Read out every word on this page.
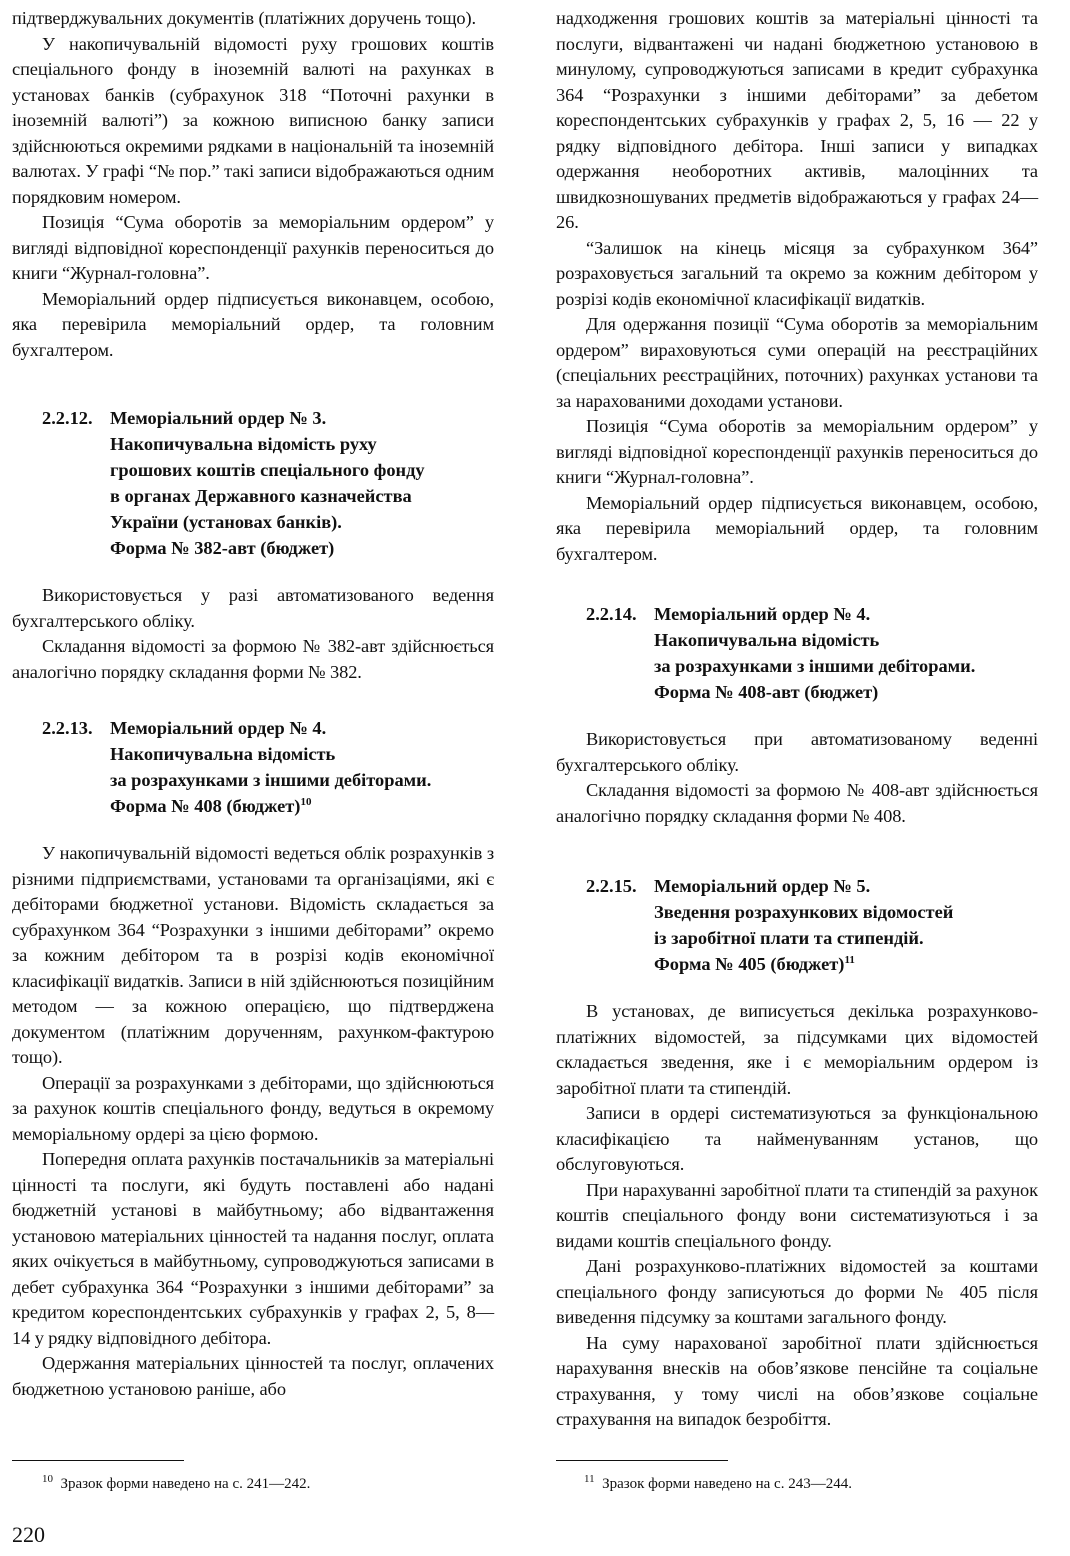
підтверджувальних документів (платіжних доручень тощо).

У накопичувальній відомості руху грошових коштів спеціального фонду в іноземній валюті на рахунках в установах банків (субрахунок 318 “Поточні рахунки в іноземній валюті”) за кожною виписною банку записи здійснюються окремими рядками в національній та іноземній валютах. У графі “№ пор.” такі записи відображаються одним порядковим номером.

Позиція “Сума оборотів за меморіальним ордером” у вигляді відповідної кореспонденції рахунків переноситься до книги “Журнал-головна”.

Меморіальний ордер підписується виконавцем, особою, яка перевірила меморіальний ордер, та головним бухгалтером.

2.2.12. Меморіальний ордер № 3.
Накопичувальна відомість руху
грошових коштів спеціального фонду
в органах Державного казначейства
України (установах банків).
Форма № 382-авт (бюджет)

Використовується у разі автоматизованого ведення бухгалтерського обліку.

Складання відомості за формою № 382-авт здійснюється аналогічно порядку складання форми № 382.

2.2.13. Меморіальний ордер № 4.
Накопичувальна відомість
за розрахунками з іншими дебіторами.
Форма № 408 (бюджет)$^{10}$

У накопичувальній відомості ведеться облік розрахунків з різними підприємствами, установами та організаціями, які є дебіторами бюджетної установи. Відомість складається за субрахунком 364 “Розрахунки з іншими дебіторами” окремо за кожним дебітором та в розрізі кодів економічної класифікації видатків. Записи в ній здійснюються позиційним методом — за кожною операцією, що підтверджена документом (платіжним дорученням, рахунком-фактурою тощо).

Операції за розрахунками з дебіторами, що здійснюються за рахунок коштів спеціального фонду, ведуться в окремому меморіальному ордері за цією формою.

Попередня оплата рахунків постачальників за матеріальні цінності та послуги, які будуть поставлені або надані бюджетній установі в майбутньому; або відвантаження установою матеріальних цінностей та надання послуг, оплата яких очікується в майбутньому, супроводжуються записами в дебет субрахунка 364 “Розрахунки з іншими дебіторами” за кредитом кореспондентських субрахунків у графах 2, 5, 8—14 у рядку відповідного дебітора.

Одержання матеріальних цінностей та послуг, оплачених бюджетною установою раніше, або

надходження грошових коштів за матеріальні цінності та послуги, відвантажені чи надані бюджетною установою в минулому, супроводжуються записами в кредит субрахунка 364 “Розрахунки з іншими дебіторами” за дебетом кореспондентських субрахунків у графах 2, 5, 16 — 22 у рядку відповідного дебітора. Інші записи у випадках одержання необоротних активів, малоцінних та швидкозношуваних предметів відображаються у графах 24—26.

“Залишок на кінець місяця за субрахунком 364” розраховується загальний та окремо за кожним дебітором у розрізі кодів економічної класифікації видатків.

Для одержання позиції “Сума оборотів за меморіальним ордером” вираховуються суми операцій на реєстраційних (спеціальних реєстраційних, поточних) рахунках установи та за нарахованими доходами установи.

Позиція “Сума оборотів за меморіальним ордером” у вигляді відповідної кореспонденції рахунків переноситься до книги “Журнал-головна”.

Меморіальний ордер підписується виконавцем, особою, яка перевірила меморіальний ордер, та головним бухгалтером.

2.2.14. Меморіальний ордер № 4.
Накопичувальна відомість
за розрахунками з іншими дебіторами.
Форма № 408-авт (бюджет)

Використовується при автоматизованому веденні бухгалтерського обліку.

Складання відомості за формою № 408-авт здійснюється аналогічно порядку складання форми № 408.

2.2.15. Меморіальний ордер № 5.
Зведення розрахункових відомостей
із заробітної плати та стипендій.
Форма № 405 (бюджет)$^{11}$

В установах, де виписується декілька розрахунково-платіжних відомостей, за підсумками цих відомостей складається зведення, яке і є меморіальним ордером із заробітної плати та стипендій.

Записи в ордері систематизуються за функціональною класифікацією та найменуванням установ, що обслуговуються.

При нарахуванні заробітної плати та стипендій за рахунок коштів спеціального фонду вони систематизуються і за видами коштів спеціального фонду.

Дані розрахунково-платіжних відомостей за коштами спеціального фонду записуються до форми № 405 після виведення підсумку за коштами загального фонду.

На суму нарахованої заробітної плати здійснюється нарахування внесків на обов’язкове пенсійне та соціальне страхування, у тому числі на обов’язкове соціальне страхування на випадок безробіття.

$^{10}$ Зразок форми наведено на с. 241—242.	$^{11}$ Зразок форми наведено на с. 243—244.
220
